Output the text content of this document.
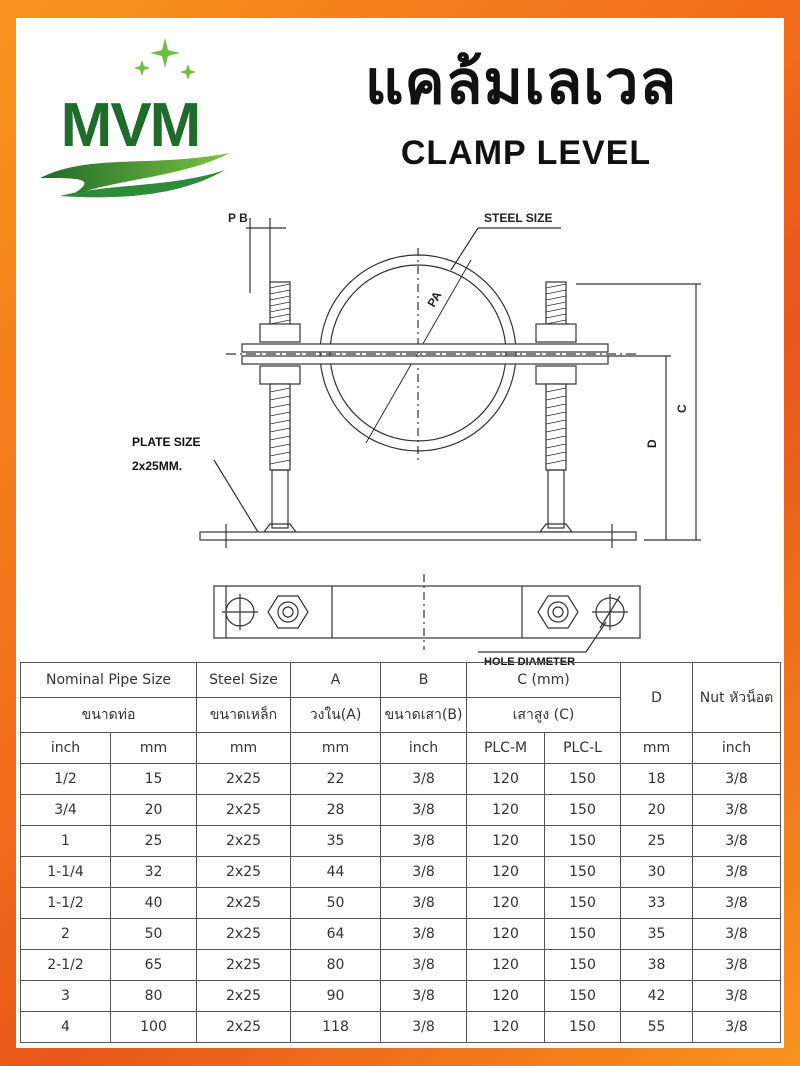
MVM
แคล้มเลเวล
CLAMP LEVEL
P B	STEEL SIZE
PA
C
D
PLATE SIZE
2x25MM.
HOLE DIAMETER
Nominal Pipe Size		Steel Size	A	B	C (mm)		D	Nut หัวน็อต
ขนาดท่อ		ขนาดเหล็ก	วงใน(A)	ขนาดเสา(B)	เสาสูง (C)			
inch	mm	mm	mm	inch	PLC-M	PLC-L	mm	inch
1/2	15	2x25	22	3/8	120	150	18	3/8
3/4	20	2x25	28	3/8	120	150	20	3/8
1	25	2x25	35	3/8	120	150	25	3/8
1-1/4	32	2x25	44	3/8	120	150	30	3/8
1-1/2	40	2x25	50	3/8	120	150	33	3/8
2	50	2x25	64	3/8	120	150	35	3/8
2-1/2	65	2x25	80	3/8	120	150	38	3/8
3	80	2x25	90	3/8	120	150	42	3/8
4	100	2x25	118	3/8	120	150	55	3/8
